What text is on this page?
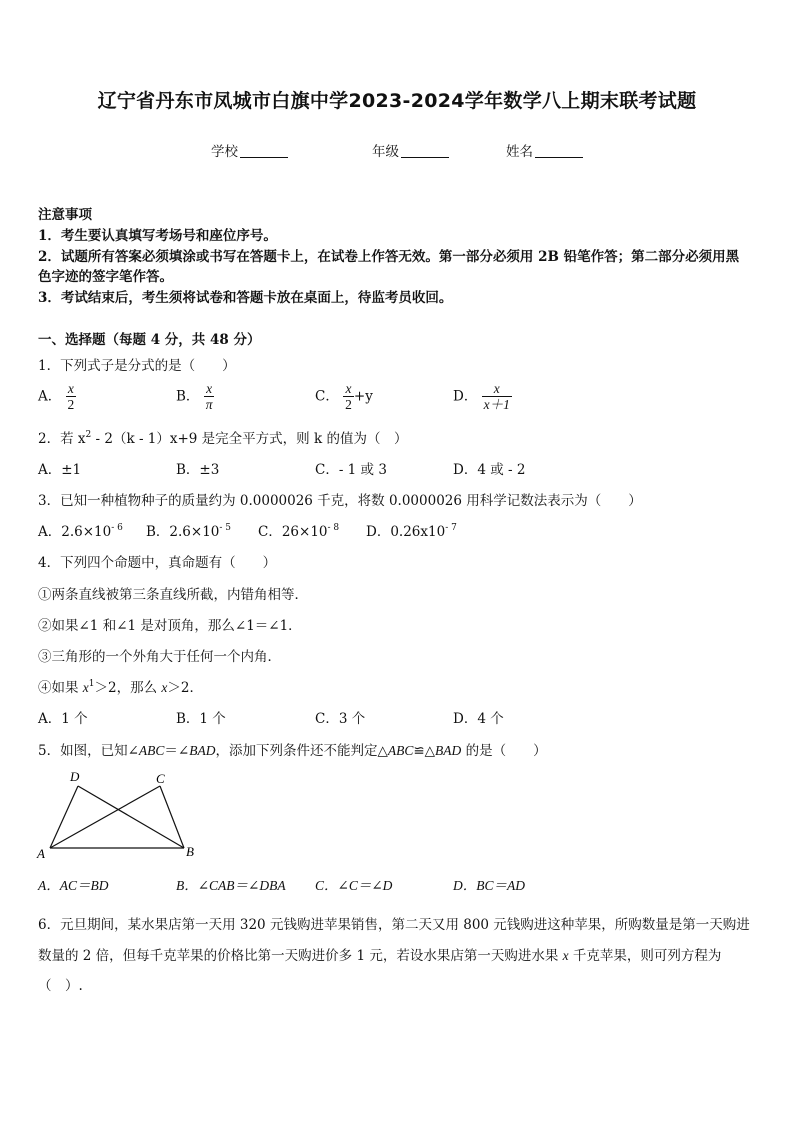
辽宁省丹东市凤城市白旗中学2023-2024学年数学八上期末联考试题
学校	年级	姓名
注意事项
1．考生要认真填写考场号和座位序号。
2．试题所有答案必须填涂或书写在答题卡上，在试卷上作答无效。第一部分必须用 2B 铅笔作答；第二部分必须用黑
色字迹的签字笔作答。
3．考试结束后，考生须将试卷和答题卡放在桌面上，待监考员收回。
一、选择题（每题 4 分，共 48 分）
1．下列式子是分式的是（　　）
A． $\frac{x}{2}$	B． $\frac{x}{\pi}$	C． $\frac{x}{2} +y$	D． $\frac{x}{x+1}$
2．若 $x^2 - 2(k - 1)x+9$ 是完全平方式，则 k 的值为（　）
A．±1	B．±3	C．- 1 或 3	D．4 或 - 2
3．已知一种植物种子的质量约为 0.0000026 千克，将数 0.0000026 用科学记数法表示为（　　）
A．$2.6\times 10^{- 6}$ B．$2.6\times 10^{- 5}$ C．$26\times 10^{- 8}$ D．$0.26x10^{- 7}$
4．下列四个命题中，真命题有（　　）
①两条直线被第三条直线所截，内错角相等．
②如果∠1 和∠1 是对顶角，那么∠1＝∠1．
③三角形的一个外角大于任何一个内角．
④如果 $x^1>2$，那么 x＞2．
A．1 个	B．1 个	C．3 个	D．4 个
5．如图，已知∠ABC＝∠BAD，添加下列条件还不能判定△ABC≌△BAD 的是（　　）
D	C
A	B
A．AC＝BD	B．∠CAB＝∠DBA C．∠C＝∠D	D．BC＝AD
6．元旦期间，某水果店第一天用 320 元钱购进苹果销售，第二天又用 800 元钱购进这种苹果，所购数量是第一天购进
数量的 2 倍，但每千克苹果的价格比第一天购进价多 1 元，若设水果店第一天购进水果 x 千克苹果，则可列方程为
（　）.
